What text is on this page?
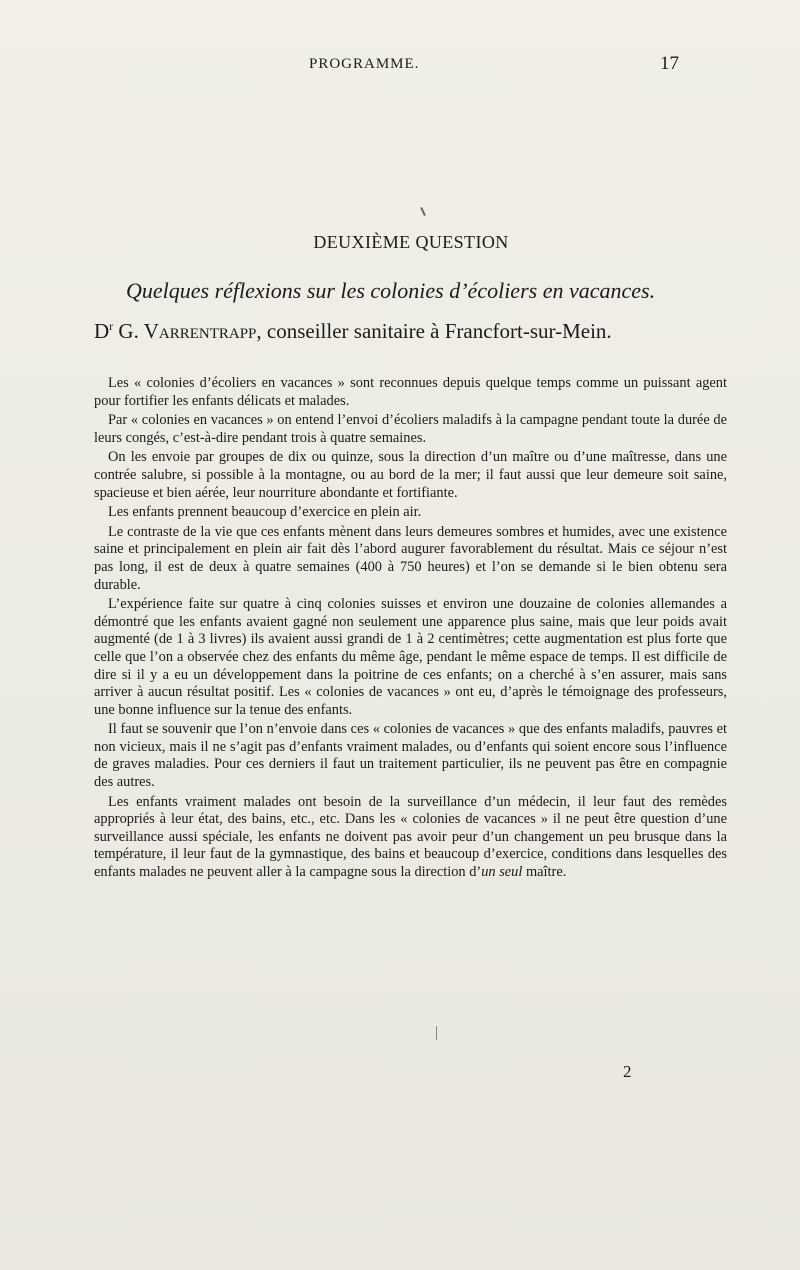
PROGRAMME.	17
DEUXIÈME QUESTION
Quelques réflexions sur les colonies d’écoliers en vacances.
$D^r$ G. Varrentrapp, conseiller sanitaire à Francfort-sur-Mein.

Les « colonies d’écoliers en vacances » sont reconnues depuis quelque temps comme un puissant agent pour fortifier les enfants délicats et malades.

Par « colonies en vacances » on entend l’envoi d’écoliers maladifs à la campagne pendant toute la durée de leurs congés, c’est-à-dire pendant trois à quatre semaines.

On les envoie par groupes de dix ou quinze, sous la direction d’un maître ou d’une maîtresse, dans une contrée salubre, si possible à la montagne, ou au bord de la mer; il faut aussi que leur demeure soit saine, spacieuse et bien aérée, leur nourriture abondante et fortifiante.

Les enfants prennent beaucoup d’exercice en plein air.

Le contraste de la vie que ces enfants mènent dans leurs demeures sombres et humides, avec une existence saine et principalement en plein air fait dès l’abord augurer favorablement du résultat. Mais ce séjour n’est pas long, il est de deux à quatre semaines (400 à 750 heures) et l’on se demande si le bien obtenu sera durable.

L’expérience faite sur quatre à cinq colonies suisses et environ une douzaine de colonies allemandes a démontré que les enfants avaient gagné non seulement une apparence plus saine, mais que leur poids avait augmenté (de 1 à 3 livres) ils avaient aussi grandi de 1 à 2 centimètres; cette augmentation est plus forte que celle que l’on a observée chez des enfants du même âge, pendant le même espace de temps. Il est difficile de dire si il y a eu un développement dans la poitrine de ces enfants; on a cherché à s’en assurer, mais sans arriver à aucun résultat positif. Les « colonies de vacances » ont eu, d’après le témoignage des professeurs, une bonne influence sur la tenue des enfants.

Il faut se souvenir que l’on n’envoie dans ces « colonies de vacances » que des enfants maladifs, pauvres et non vicieux, mais il ne s’agit pas d’enfants vraiment malades, ou d’enfants qui soient encore sous l’influence de graves maladies. Pour ces derniers il faut un traitement particulier, ils ne peuvent pas être en compagnie des autres.

Les enfants vraiment malades ont besoin de la surveillance d’un médecin, il leur faut des remèdes appropriés à leur état, des bains, etc., etc. Dans les « colonies de vacances » il ne peut être question d’une surveillance aussi spéciale, les enfants ne doivent pas avoir peur d’un changement un peu brusque dans la température, il leur faut de la gymnastique, des bains et beaucoup d’exercice, conditions dans lesquelles des enfants malades ne peuvent aller à la campagne sous la direction d’un seul maître.

2
